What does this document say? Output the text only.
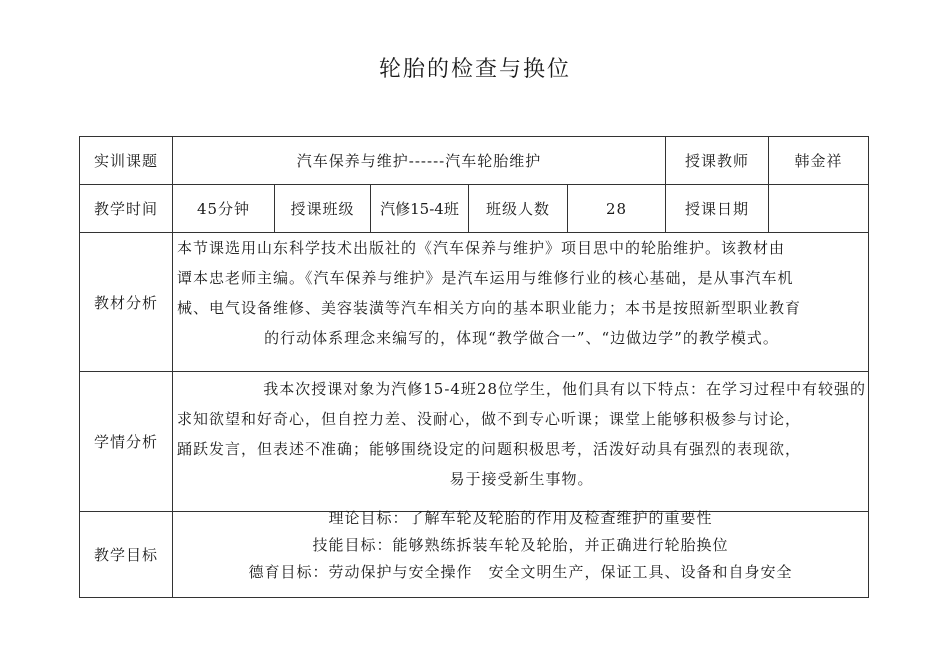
轮胎的检查与换位
实训课题	汽车保养与维护------汽车轮胎维护					授课教师	韩金祥
教学时间	45分钟	授课班级	汽修15-4班	班级人数	28	授课日期	
教材分析	本节课选用山东科学技术出版社的《汽车保养与维护》项目思中的轮胎维护。该教材由
谭本忠老师主编。《汽车保养与维护》是汽车运用与维修行业的核心基础，是从事汽车机
械、电气设备维修、美容装潢等汽车相关方向的基本职业能力；本书是按照新型职业教育
的行动体系理念来编写的，体现“教学做合一”、“边做边学”的教学模式。						

学情分析	我本次授课对象为汽修15-4班28位学生，他们具有以下特点：在学习过程中有较强的
求知欲望和好奇心，但自控力差、没耐心，做不到专心听课；课堂上能够积极参与讨论，
踊跃发言，但表述不准确；能够围绕设定的问题积极思考，活泼好动具有强烈的表现欲，
易于接受新生事物。						

教学目标	理论目标：了解车轮及轮胎的作用及检查维护的重要性
技能目标：能够熟练拆装车轮及轮胎，并正确进行轮胎换位
德育目标：劳动保护与安全操作　安全文明生产，保证工具、设备和自身安全						
